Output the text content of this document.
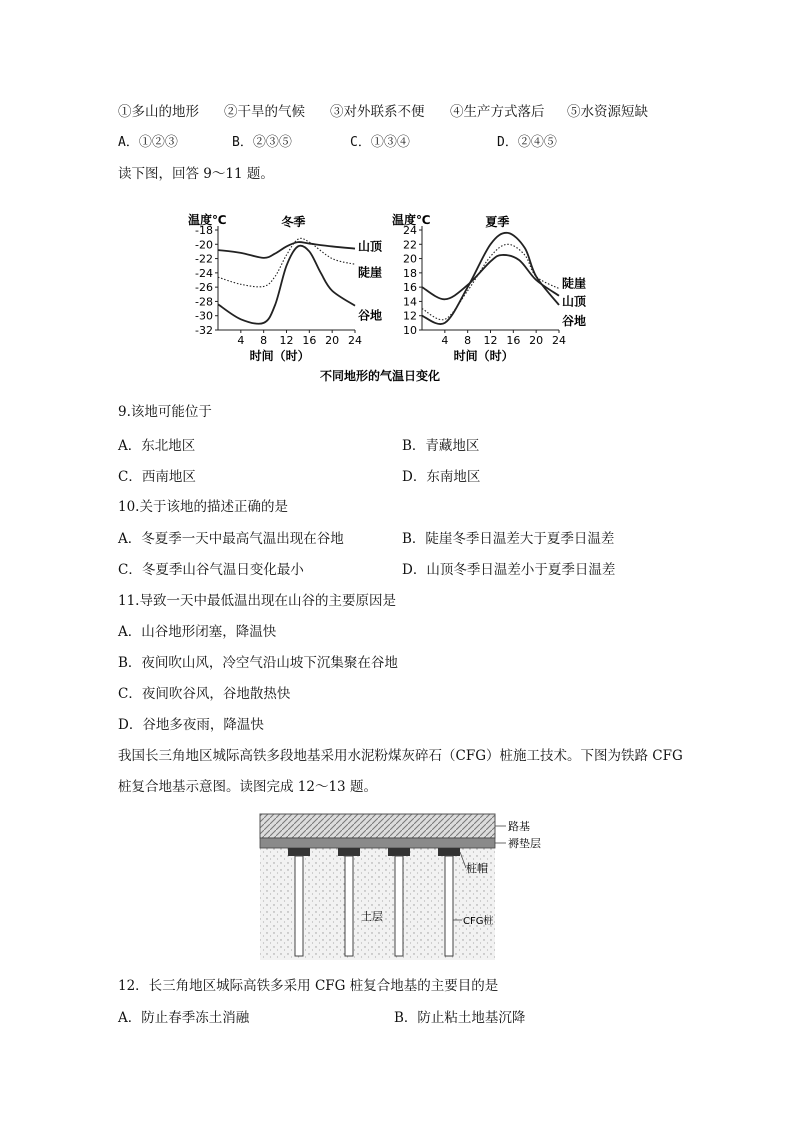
①多山的地形 ②干旱的气候 ③对外联系不便 ④生产方式落后 ⑤水资源短缺
A．①②③	B．②③⑤	C．①③④	D．②④⑤
读下图，回答 9～11 题。
-18
-20
-22
-24
-26
-28
-30
-32
4 8 12 16 20 24
冬季
温度℃
时间（时）
山顶
陡崖
谷地
24
22
20
18
16
14
12
10
4 8 12 16 20 24
夏季
温度℃
时间（时）
陡崖
山顶
谷地
不同地形的气温日变化
9.该地可能位于
A．东北地区	B．青藏地区
C．西南地区	D．东南地区
10.关于该地的描述正确的是
A．冬夏季一天中最高气温出现在谷地	B．陡崖冬季日温差大于夏季日温差
C．冬夏季山谷气温日变化最小	D．山顶冬季日温差小于夏季日温差
11.导致一天中最低温出现在山谷的主要原因是
A．山谷地形闭塞，降温快
B．夜间吹山风，冷空气沿山坡下沉集聚在谷地
C．夜间吹谷风，谷地散热快
D．谷地多夜雨，降温快
我国长三角地区城际高铁多段地基采用水泥粉煤灰碎石（CFG）桩施工技术。下图为铁路 CFG
桩复合地基示意图。读图完成 12～13 题。
路基
褥垫层
桩帽
土层	CFG桩
12．长三角地区城际高铁多采用 CFG 桩复合地基的主要目的是
A．防止春季冻土消融	B．防止粘土地基沉降
